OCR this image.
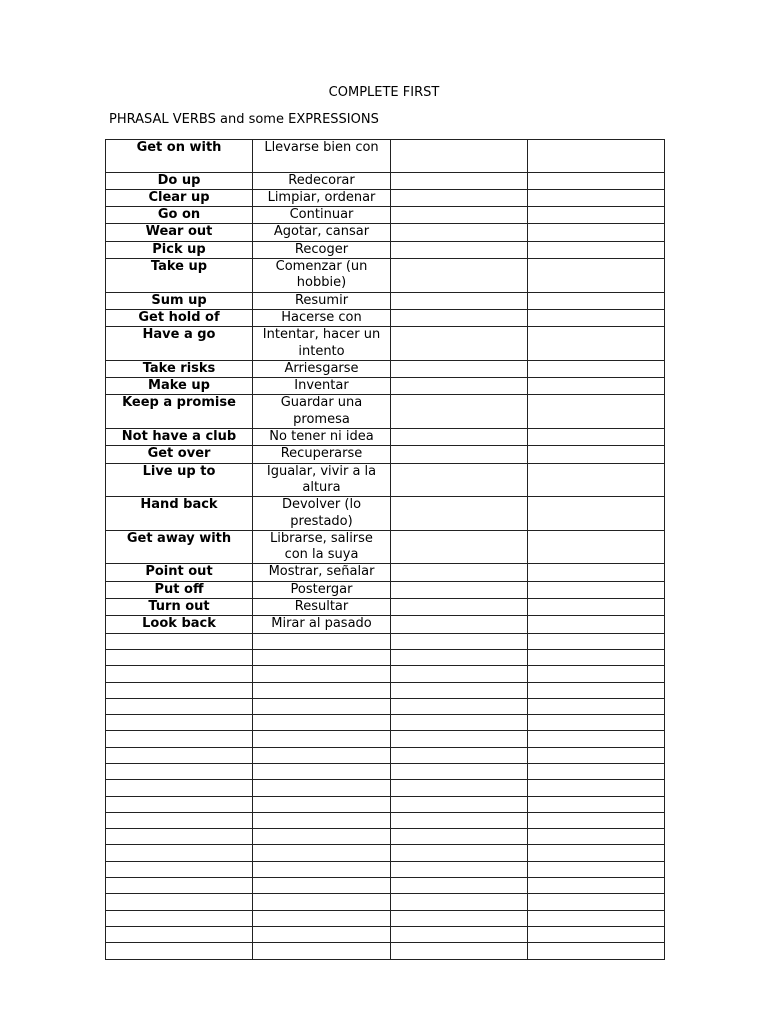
COMPLETE FIRST
PHRASAL VERBS and some EXPRESSIONS
Get on with	Llevarse bien con		
Do up	Redecorar		
Clear up	Limpiar, ordenar		
Go on	Continuar		
Wear out	Agotar, cansar		
Pick up	Recoger		
Take up	Comenzar (un hobbie)		
Sum up	Resumir		
Get hold of	Hacerse con		
Have a go	Intentar, hacer un intento		
Take risks	Arriesgarse		
Make up	Inventar		
Keep a promise	Guardar una promesa		
Not have a club	No tener ni idea		
Get over	Recuperarse		
Live up to	Igualar, vivir a la altura		
Hand back	Devolver (lo prestado)		
Get away with	Librarse, salirse con la suya		
Point out	Mostrar, señalar		
Put off	Postergar		
Turn out	Resultar		
Look back	Mirar al pasado		
